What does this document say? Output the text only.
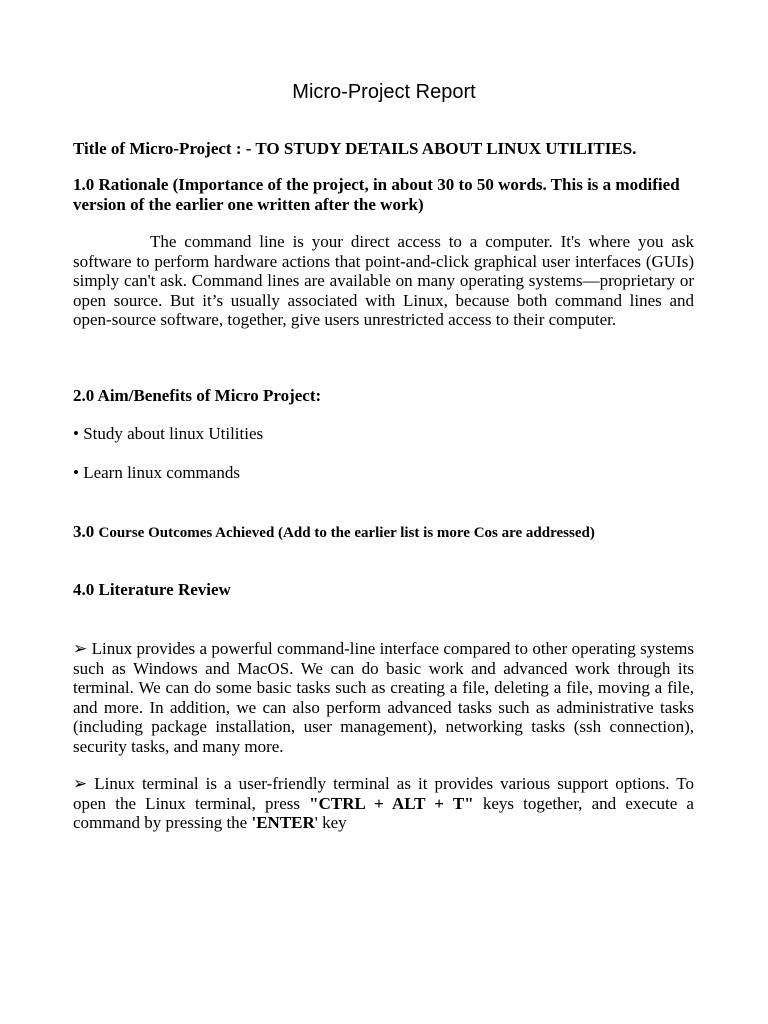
Micro-Project Report

Title of Micro-Project : - TO STUDY DETAILS ABOUT LINUX UTILITIES.

1.0 Rationale (Importance of the project, in about 30 to 50 words. This is a modified version of the earlier one written after the work)

The command line is your direct access to a computer. It's where you ask software to perform hardware actions that point-and-click graphical user interfaces (GUIs) simply can't ask. Command lines are available on many operating systems—proprietary or open source. But it’s usually associated with Linux, because both command lines and open-source software, together, give users unrestricted access to their computer.

2.0 Aim/Benefits of Micro Project:

• Study about linux Utilities

• Learn linux commands

3.0 Course Outcomes Achieved (Add to the earlier list is more Cos are addressed)

4.0 Literature Review

➢ Linux provides a powerful command-line interface compared to other operating systems such as Windows and MacOS. We can do basic work and advanced work through its terminal. We can do some basic tasks such as creating a file, deleting a file, moving a file, and more. In addition, we can also perform advanced tasks such as administrative tasks (including package installation, user management), networking tasks (ssh connection), security tasks, and many more.

➢ Linux terminal is a user-friendly terminal as it provides various support options. To open the Linux terminal, press "CTRL + ALT + T" keys together, and execute a command by pressing the 'ENTER' key
